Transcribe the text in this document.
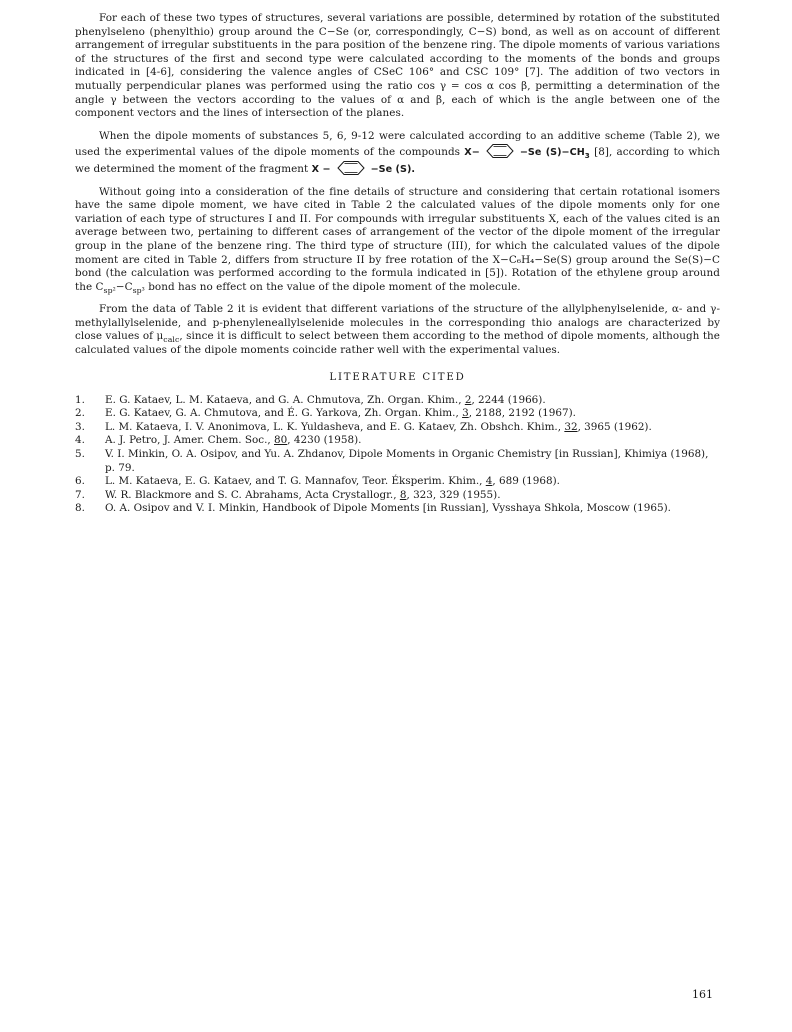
For each of these two types of structures, several variations are possible, determined by rotation of the substituted phenylseleno (phenylthio) group around the C−Se (or, correspondingly, C−S) bond, as well as on account of different arrangement of irregular substituents in the para position of the benzene ring. The dipole moments of various variations of the structures of the first and second type were calculated according to the moments of the bonds and groups indicated in [4-6], considering the valence angles of CSeC 106° and CSC 109° [7]. The addition of two vectors in mutually perpendicular planes was performed using the ratio cos γ = cos α cos β, permitting a determination of the angle γ between the vectors according to the values of α and β, each of which is the angle between one of the component vectors and the lines of intersection of the planes.

When the dipole moments of substances 5, 6, 9-12 were calculated according to an additive scheme (Table 2), we used the experimental values of the dipole moments of the compounds X−	−Se $(S)-CH_3$ [8], according to which we determined the moment of the fragment X −	−Se (S).

Without going into a consideration of the fine details of structure and considering that certain rotational isomers have the same dipole moment, we have cited in Table 2 the calculated values of the dipole moments only for one variation of each type of structures I and II. For compounds with irregular substituents X, each of the values cited is an average between two, pertaining to different cases of arrangement of the vector of the dipole moment of the irregular group in the plane of the benzene ring. The third type of structure (III), for which the calculated values of the dipole moment are cited in Table 2, differs from structure II by free rotation of the X−C₆H₄−Se(S) group around the Se(S)−C bond (the calculation was performed according to the formula indicated in [5]). Rotation of the ethylene group around the $C_{sp^2}-C_{sp^3}$ bond has no effect on the value of the dipole moment of the molecule.

From the data of Table 2 it is evident that different variations of the structure of the allylphenylselenide, α- and γ-methylallylselenide, and p-phenyleneallylselenide molecules in the corresponding thio analogs are characterized by close values of $\mu_{calc}$, since it is difficult to select between them according to the method of dipole moments, although the calculated values of the dipole moments coincide rather well with the experimental values.

LITERATURE CITED
1.	E. G. Kataev, L. M. Kataeva, and G. A. Chmutova, Zh. Organ. Khim., 2, 2244 (1966).
2.	E. G. Kataev, G. A. Chmutova, and É. G. Yarkova, Zh. Organ. Khim., 3, 2188, 2192 (1967).
3.	L. M. Kataeva, I. V. Anonimova, L. K. Yuldasheva, and E. G. Kataev, Zh. Obshch. Khim., 32, 3965 (1962).
4.	A. J. Petro, J. Amer. Chem. Soc., 80, 4230 (1958).
5.	V. I. Minkin, O. A. Osipov, and Yu. A. Zhdanov, Dipole Moments in Organic Chemistry [in Russian], Khimiya (1968), p. 79.
6.	L. M. Kataeva, E. G. Kataev, and T. G. Mannafov, Teor. Éksperim. Khim., 4, 689 (1968).
7.	W. R. Blackmore and S. C. Abrahams, Acta Crystallogr., 8, 323, 329 (1955).
8.	O. A. Osipov and V. I. Minkin, Handbook of Dipole Moments [in Russian], Vysshaya Shkola, Moscow (1965).
161
